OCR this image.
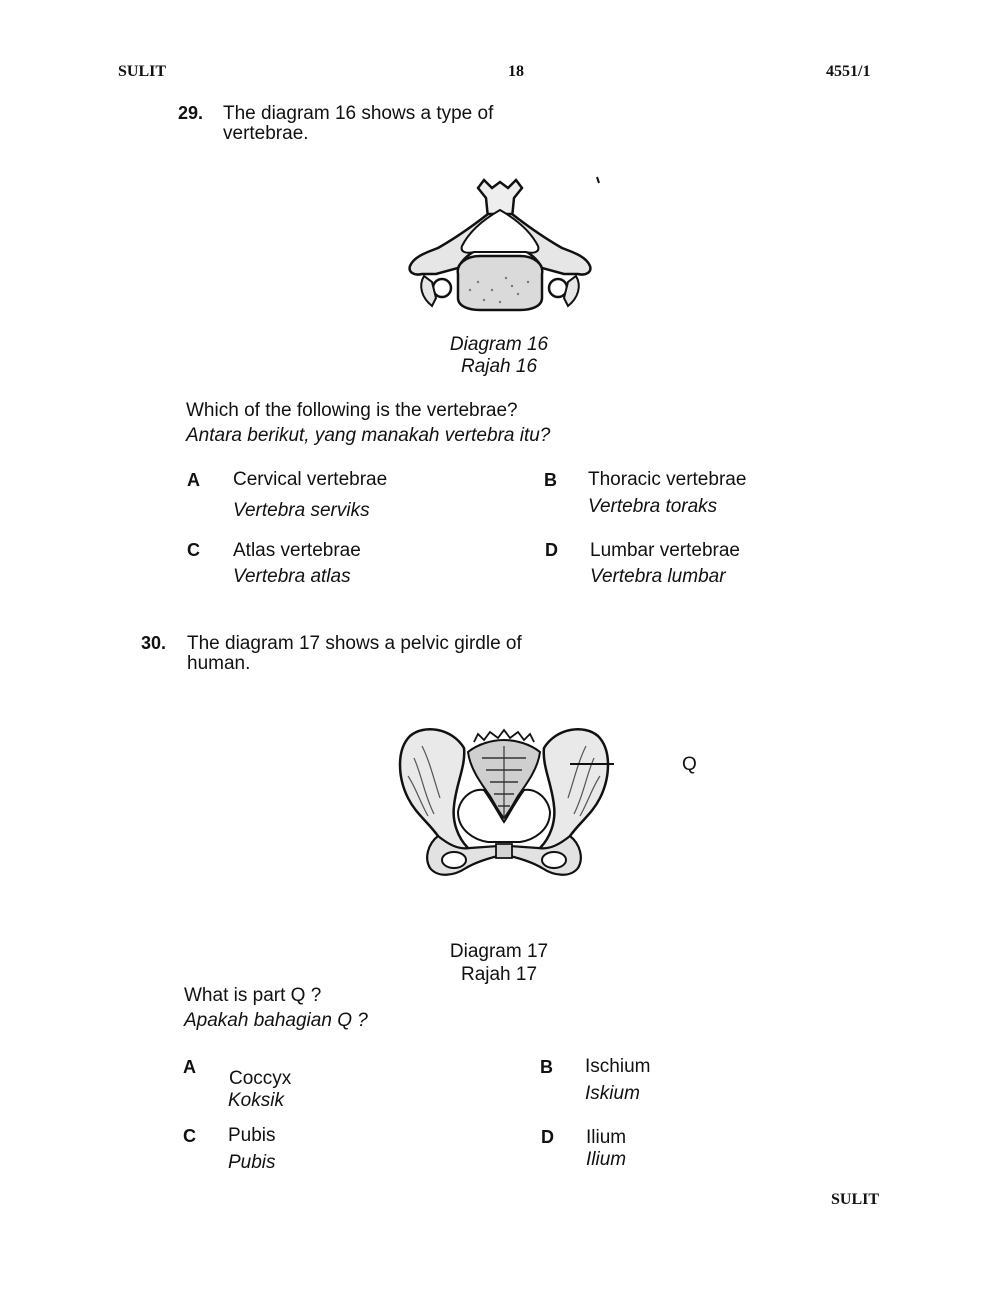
SULIT	18	4551/1
29. The diagram 16 shows a type of
vertebrae.
Diagram 16
Rajah 16
Which of the following is the vertebrae?
Antara berikut, yang manakah vertebra itu?
A Cervical vertebrae
Vertebra serviks
B Thoracic vertebrae
Vertebra toraks
C Atlas vertebrae
Vertebra atlas
D Lumbar vertebrae
Vertebra lumbar
30. The diagram 17 shows a pelvic girdle of
human.
Q
Diagram 17
Rajah 17
What is part Q ?
Apakah bahagian Q ?
A
Coccyx
Koksik
B Ischium
Iskium
C Pubis
Pubis
D Ilium
Ilium
SULIT
